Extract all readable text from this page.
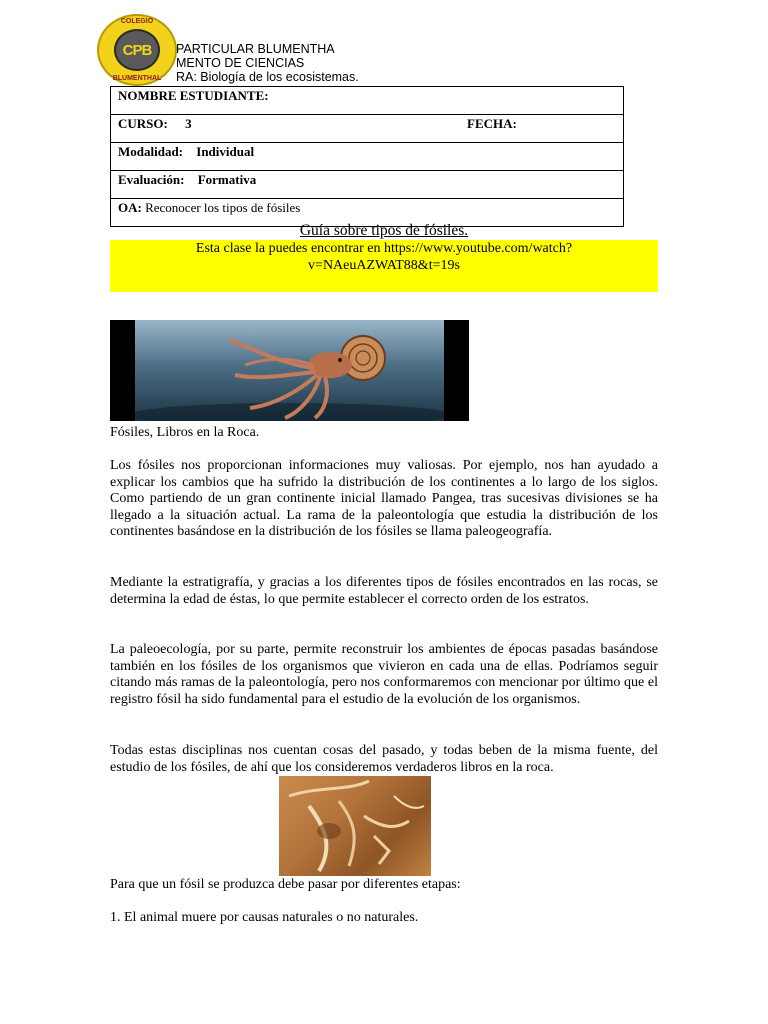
COLEGIO
CPB
BLUMENTHAL
PARTICULAR BLUMENTHA
MENTO DE CIENCIAS
RA: Biología de los ecosistemas.
NOMBRE ESTUDIANTE:
CURSO: 3	FECHA:

Modalidad: Individual
Evaluación: Formativa
OA: Reconocer los tipos de fósiles
Guía sobre tipos de fósiles.
Esta clase la puedes encontrar en https://www.youtube.com/watch?
v=NAeuAZWAT88&t=19s
Fósiles, Libros en la Roca.
Los fósiles nos proporcionan informaciones muy valiosas. Por ejemplo, nos han ayudado a explicar los cambios que ha sufrido la distribución de los continentes a lo largo de los siglos. Como partiendo de un gran continente inicial llamado Pangea, tras sucesivas divisiones se ha llegado a la situación actual. La rama de la paleontología que estudia la distribución de los continentes basándose en la distribución de los fósiles se llama paleogeografía.
Mediante la estratigrafía, y gracias a los diferentes tipos de fósiles encontrados en las rocas, se determina la edad de éstas, lo que permite establecer el correcto orden de los estratos.
La paleoecología, por su parte, permite reconstruir los ambientes de épocas pasadas basándose también en los fósiles de los organismos que vivieron en cada una de ellas. Podríamos seguir citando más ramas de la paleontología, pero nos conformaremos con mencionar por último que el registro fósil ha sido fundamental para el estudio de la evolución de los organismos.
Todas estas disciplinas nos cuentan cosas del pasado, y todas beben de la misma fuente, del estudio de los fósiles, de ahí que los consideremos verdaderos libros en la roca.
Para que un fósil se produzca debe pasar por diferentes etapas:
1. El animal muere por causas naturales o no naturales.
